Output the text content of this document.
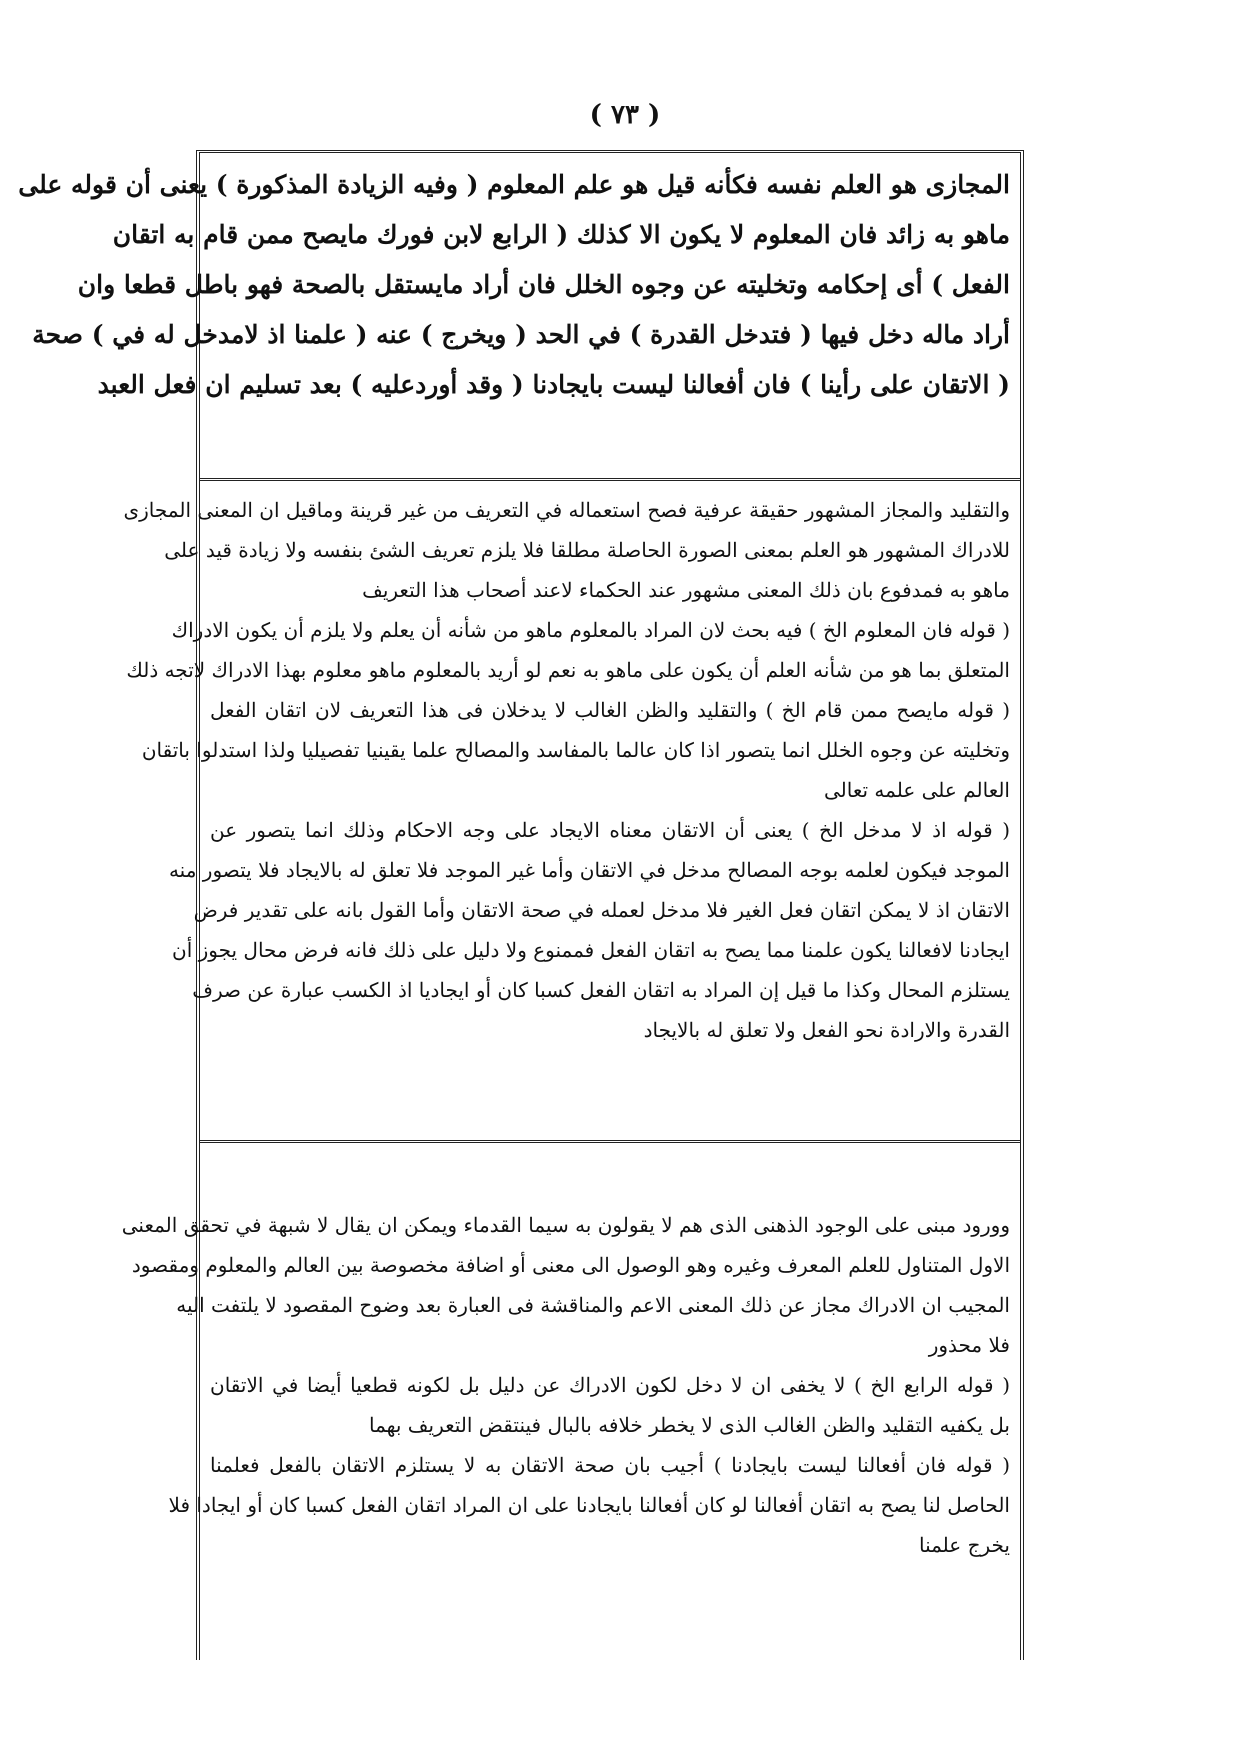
( ٧٣ )
المجازى هو العلم نفسه فكأنه قيل هو علم المعلوم ( وفيه الزيادة المذكورة ) يعنى أن قوله على
ماهو به زائد فان المعلوم لا يكون الا كذلك ( الرابع لابن فورك مايصح ممن قام به اتقان
الفعل ) أى إحكامه وتخليته عن وجوه الخلل فان أراد مايستقل بالصحة فهو باطل قطعا وان
أراد ماله دخل فيها ( فتدخل القدرة ) في الحد ( ويخرج ) عنه ( علمنا اذ لامدخل له في ) صحة
( الاتقان على رأينا ) فان أفعالنا ليست بايجادنا ( وقد أوردعليه ) بعد تسليم ان فعل العبد
والتقليد والمجاز المشهور حقيقة عرفية فصح استعماله في التعريف من غير قرينة وماقيل ان المعنى المجازى
للادراك المشهور هو العلم بمعنى الصورة الحاصلة مطلقا فلا يلزم تعريف الشئ بنفسه ولا زيادة قيد على
ماهو به فمدفوع بان ذلك المعنى مشهور عند الحكماء لاعند أصحاب هذا التعريف
( قوله فان المعلوم الخ ) فيه بحث لان المراد بالمعلوم ماهو من شأنه أن يعلم ولا يلزم أن يكون الادراك
المتعلق بما هو من شأنه العلم أن يكون على ماهو به نعم لو أريد بالمعلوم ماهو معلوم بهذا الادراك لاتجه ذلك
( قوله مايصح ممن قام الخ ) والتقليد والظن الغالب لا يدخلان فى هذا التعريف لان اتقان الفعل
وتخليته عن وجوه الخلل انما يتصور اذا كان عالما بالمفاسد والمصالح علما يقينيا تفصيليا ولذا استدلوا باتقان
العالم على علمه تعالى
( قوله اذ لا مدخل الخ ) يعنى أن الاتقان معناه الايجاد على وجه الاحكام وذلك انما يتصور عن
الموجد فيكون لعلمه بوجه المصالح مدخل في الاتقان وأما غير الموجد فلا تعلق له بالايجاد فلا يتصور منه
الاتقان اذ لا يمكن اتقان فعل الغير فلا مدخل لعمله في صحة الاتقان وأما القول بانه على تقدير فرض
ايجادنا لافعالنا يكون علمنا مما يصح به اتقان الفعل فممنوع ولا دليل على ذلك فانه فرض محال يجوز أن
يستلزم المحال وكذا ما قيل إن المراد به اتقان الفعل كسبا كان أو ايجاديا اذ الكسب عبارة عن صرف
القدرة والارادة نحو الفعل ولا تعلق له بالايجاد
وورود مبنى على الوجود الذهنى الذى هم لا يقولون به سيما القدماء ويمكن ان يقال لا شبهة في تحقق المعنى
الاول المتناول للعلم المعرف وغيره وهو الوصول الى معنى أو اضافة مخصوصة بين العالم والمعلوم ومقصود
المجيب ان الادراك مجاز عن ذلك المعنى الاعم والمناقشة فى العبارة بعد وضوح المقصود لا يلتفت اليه
فلا محذور
( قوله الرابع الخ ) لا يخفى ان لا دخل لكون الادراك عن دليل بل لكونه قطعيا أيضا في الاتقان
بل يكفيه التقليد والظن الغالب الذى لا يخطر خلافه بالبال فينتقض التعريف بهما
( قوله فان أفعالنا ليست بايجادنا ) أجيب بان صحة الاتقان به لا يستلزم الاتقان بالفعل فعلمنا
الحاصل لنا يصح به اتقان أفعالنا لو كان أفعالنا بايجادنا على ان المراد اتقان الفعل كسبا كان أو ايجادا فلا
يخرج علمنا
